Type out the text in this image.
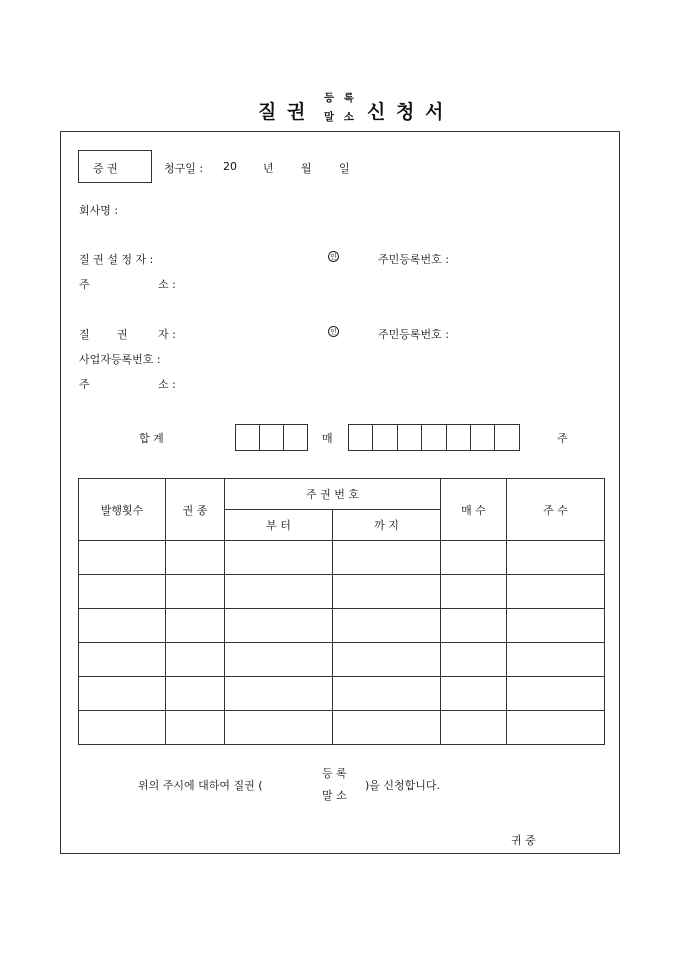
질 권
등 록
말 소 신 청 서
증 권	청구일 : 20 년 월 일
회사명 :
질 권 설 정 자 :	인	주민등록번호 :
주	소 :
질 권	자 :	인	주민등록번호 :
사업자등록번호 :
주	소 :
합 계	매	주
발행횟수	권 종	주 권 번 호		매 수	주 수
		부 터	까 지		

위의 주시에 대하여 질권 (
등 록
말 소
)을 신청합니다.
귀 중
